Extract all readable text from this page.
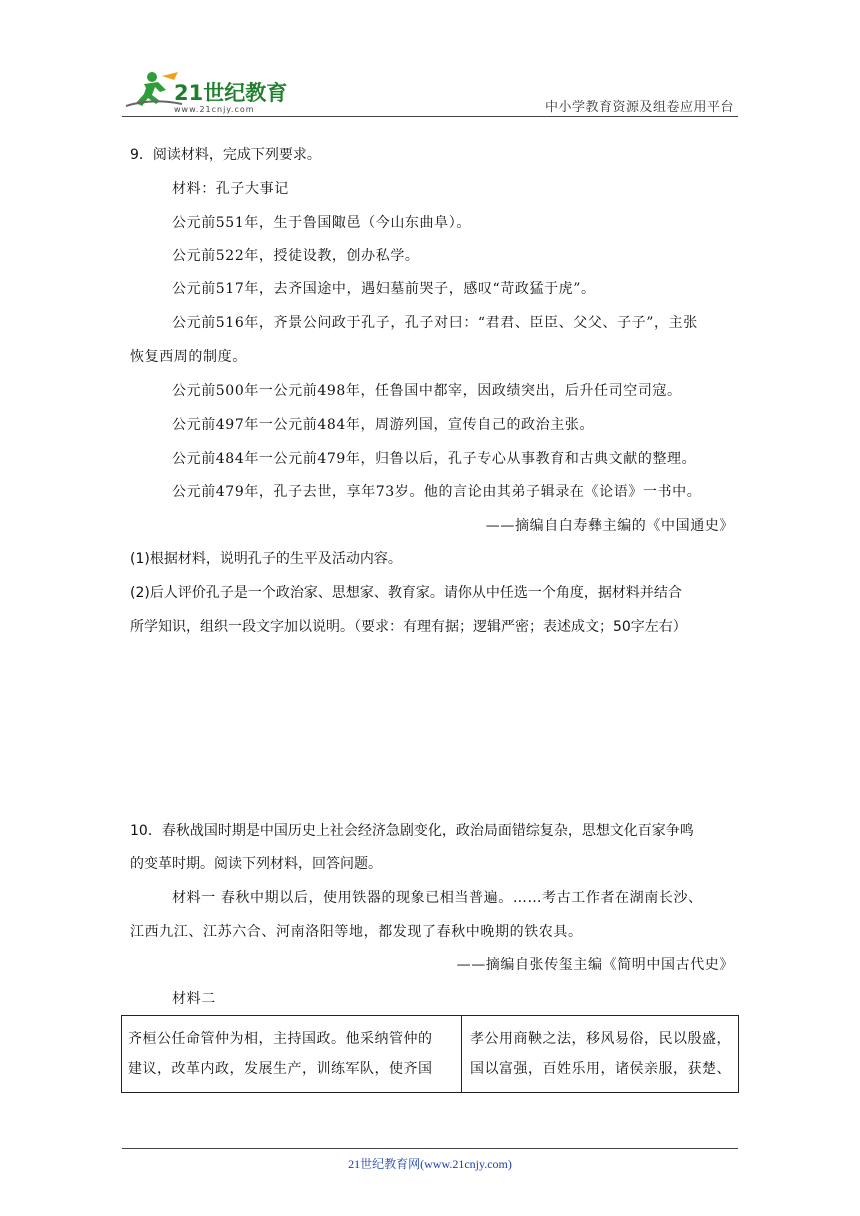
21世纪教育
www.21cnjy.com	中小学教育资源及组卷应用平台
9．阅读材料，完成下列要求。
材料：孔子大事记
公元前551年，生于鲁国陬邑（今山东曲阜）。
公元前522年，授徒设教，创办私学。
公元前517年，去齐国途中，遇妇墓前哭子，感叹“苛政猛于虎”。
公元前516年，齐景公问政于孔子，孔子对曰：“君君、臣臣、父父、子子”，主张
恢复西周的制度。
公元前500年一公元前498年，任鲁国中都宰，因政绩突出，后升任司空司寇。
公元前497年一公元前484年，周游列国，宣传自己的政治主张。
公元前484年一公元前479年，归鲁以后，孔子专心从事教育和古典文献的整理。
公元前479年，孔子去世，享年73岁。他的言论由其弟子辑录在《论语》一书中。
——摘编自白寿彝主编的《中国通史》
(1)根据材料，说明孔子的生平及活动内容。
(2)后人评价孔子是一个政治家、思想家、教育家。请你从中任选一个角度，据材料并结合
所学知识，组织一段文字加以说明。（要求：有理有据；逻辑严密；表述成文；50字左右）
10．春秋战国时期是中国历史上社会经济急剧变化，政治局面错综复杂，思想文化百家争鸣
的变革时期。阅读下列材料，回答问题。
材料一 春秋中期以后，使用铁器的现象已相当普遍。……考古工作者在湖南长沙、
江西九江、江苏六合、河南洛阳等地，都发现了春秋中晚期的铁农具。
——摘编自张传玺主编《简明中国古代史》
材料二
齐桓公任命管仲为相，主持国政。他采纳管仲的
建议，改革内政，发展生产，训练军队，使齐国
孝公用商鞅之法，移风易俗，民以殷盛，
国以富强，百姓乐用，诸侯亲服，获楚、
21世纪教育网(www.21cnjy.com)
